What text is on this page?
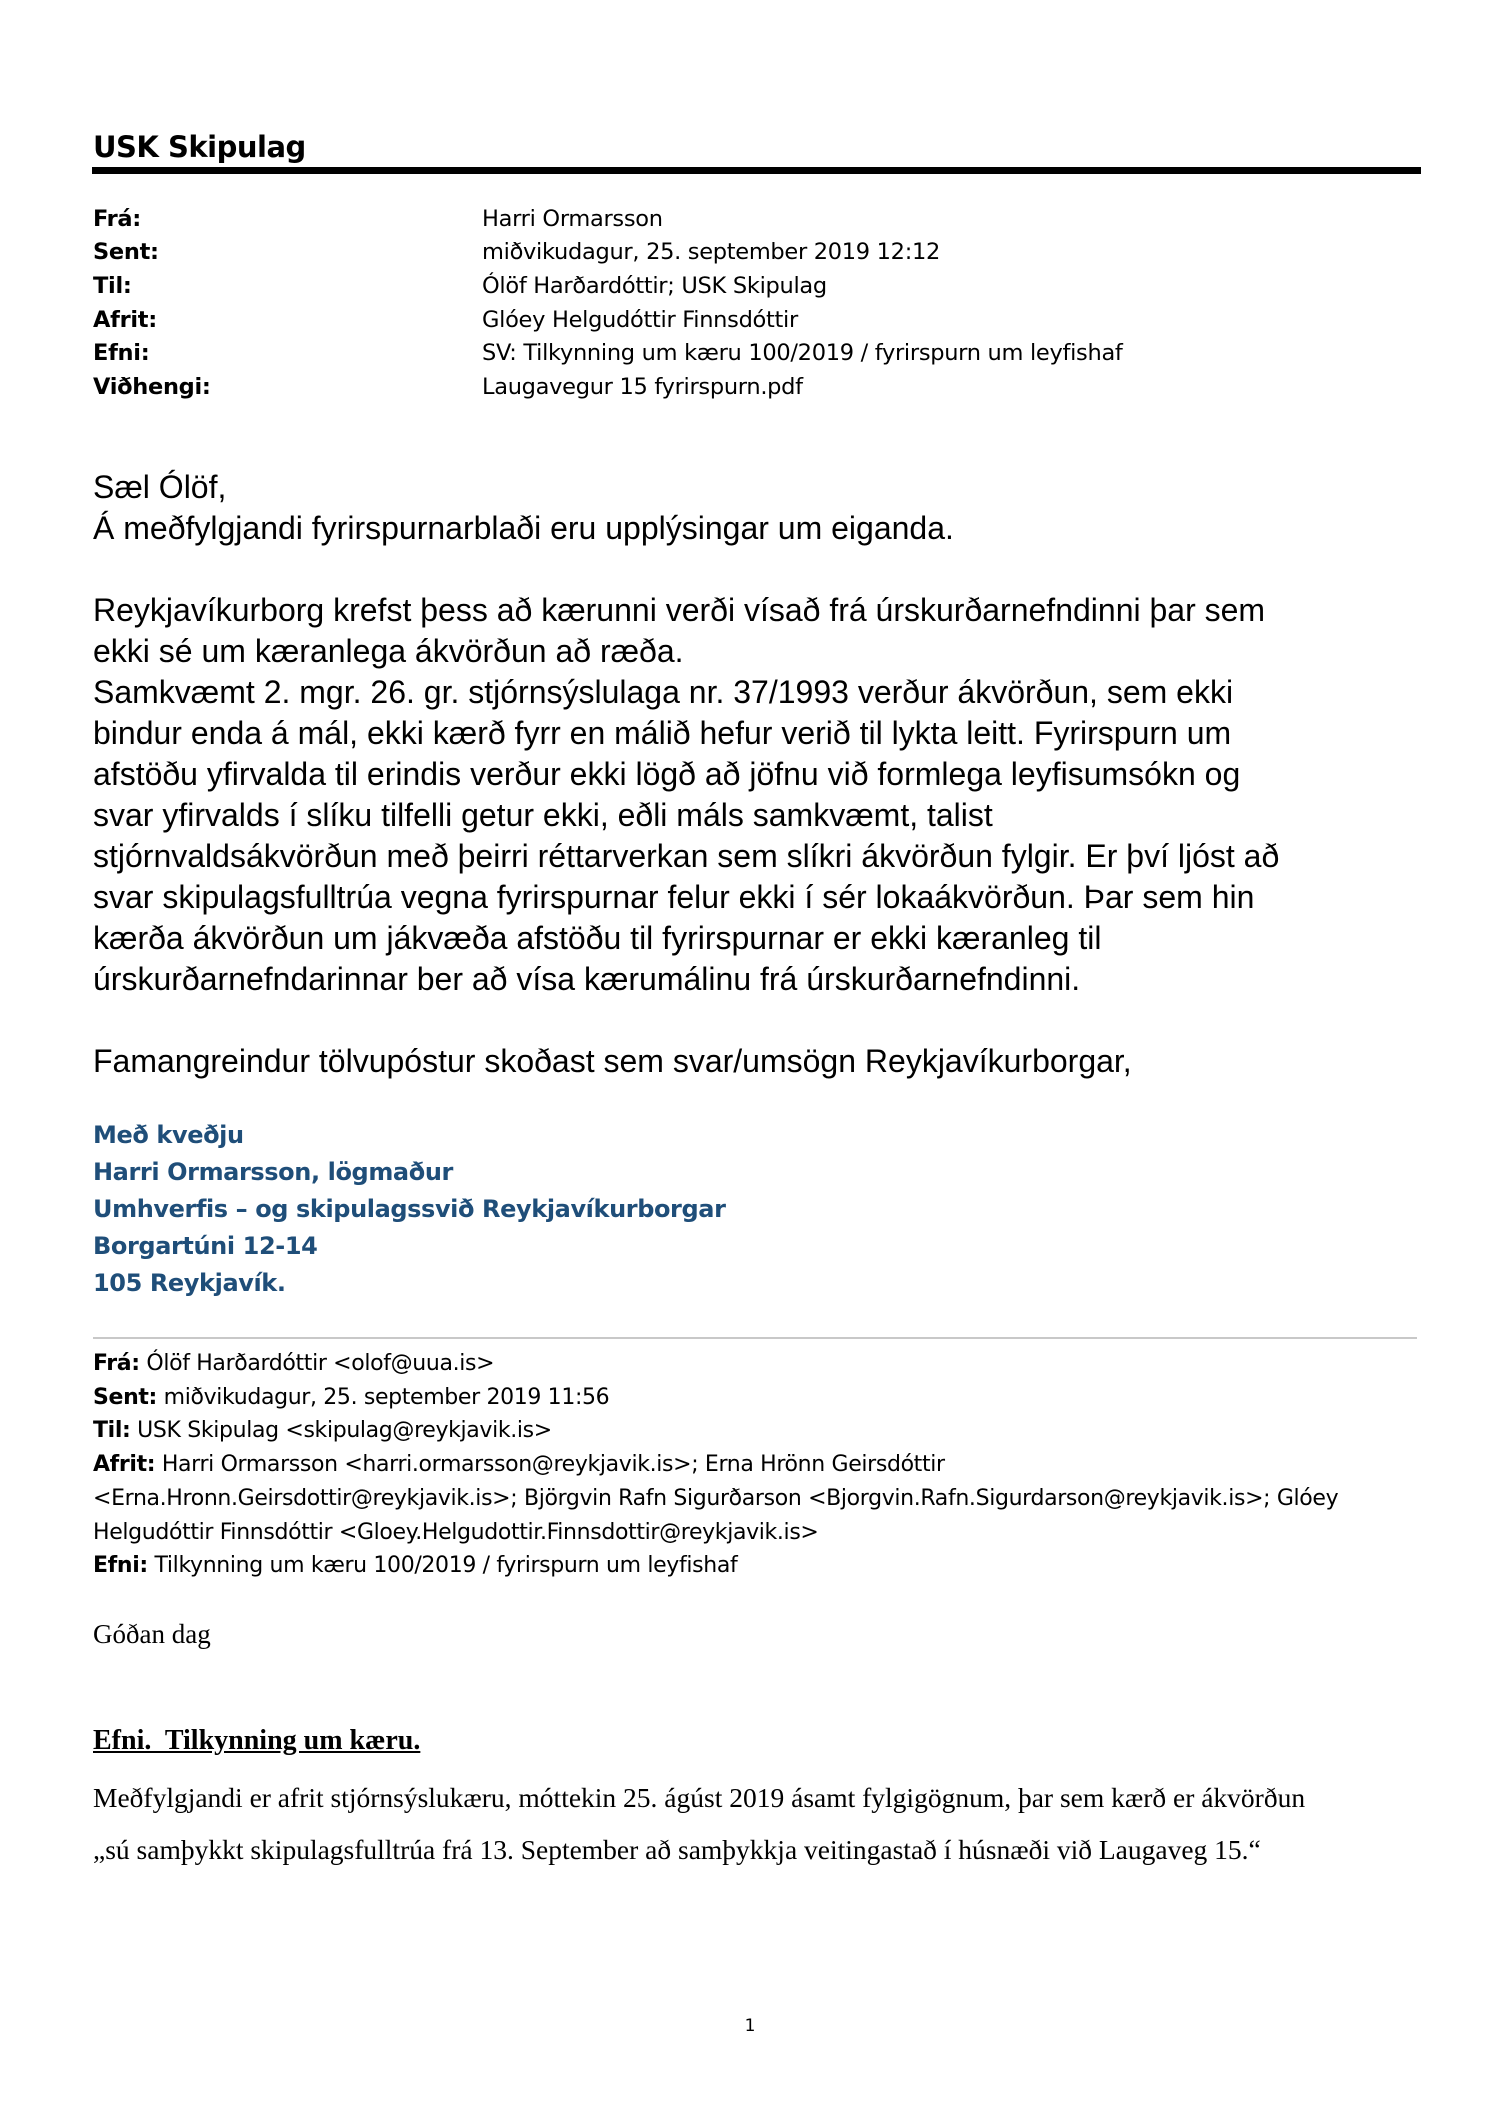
USK Skipulag
Frá:	Harri Ormarsson
Sent:	miðvikudagur, 25. september 2019 12:12
Til:	Ólöf Harðardóttir; USK Skipulag
Afrit:	Glóey Helgudóttir Finnsdóttir
Efni:	SV: Tilkynning um kæru 100/2019 / fyrirspurn um leyfishaf
Viðhengi:	Laugavegur 15 fyrirspurn.pdf

Sæl Ólöf,

Á meðfylgjandi fyrirspurnarblaði eru upplýsingar um eiganda.

Reykjavíkurborg krefst þess að kærunni verði vísað frá úrskurðarnefndinni þar sem

ekki sé um kæranlega ákvörðun að ræða.

Samkvæmt 2. mgr. 26. gr. stjórnsýslulaga nr. 37/1993 verður ákvörðun, sem ekki

bindur enda á mál, ekki kærð fyrr en málið hefur verið til lykta leitt. Fyrirspurn um

afstöðu yfirvalda til erindis verður ekki lögð að jöfnu við formlega leyfisumsókn og

svar yfirvalds í slíku tilfelli getur ekki, eðli máls samkvæmt, talist

stjórnvaldsákvörðun með þeirri réttarverkan sem slíkri ákvörðun fylgir. Er því ljóst að

svar skipulagsfulltrúa vegna fyrirspurnar felur ekki í sér lokaákvörðun. Þar sem hin

kærða ákvörðun um jákvæða afstöðu til fyrirspurnar er ekki kæranleg til

úrskurðarnefndarinnar ber að vísa kærumálinu frá úrskurðarnefndinni.

Famangreindur tölvupóstur skoðast sem svar/umsögn Reykjavíkurborgar,

Með kveðju
Harri Ormarsson, lögmaður
Umhverfis – og skipulagssvið Reykjavíkurborgar
Borgartúni 12-14
105 Reykjavík.
Frá: Ólöf Harðardóttir <olof@uua.is>
Sent: miðvikudagur, 25. september 2019 11:56
Til: USK Skipulag <skipulag@reykjavik.is>
Afrit: Harri Ormarsson <harri.ormarsson@reykjavik.is>; Erna Hrönn Geirsdóttir
<Erna.Hronn.Geirsdottir@reykjavik.is>; Björgvin Rafn Sigurðarson <Bjorgvin.Rafn.Sigurdarson@reykjavik.is>; Glóey
Helgudóttir Finnsdóttir <Gloey.Helgudottir.Finnsdottir@reykjavik.is>
Efni: Tilkynning um kæru 100/2019 / fyrirspurn um leyfishaf
Góðan dag
Efni.  Tilkynning um kæru.

Meðfylgjandi er afrit stjórnsýslukæru, móttekin 25. ágúst 2019 ásamt fylgigögnum, þar sem kærð er ákvörðun

„sú samþykkt skipulagsfulltrúa frá 13. September að samþykkja veitingastað í húsnæði við Laugaveg 15.“

1
